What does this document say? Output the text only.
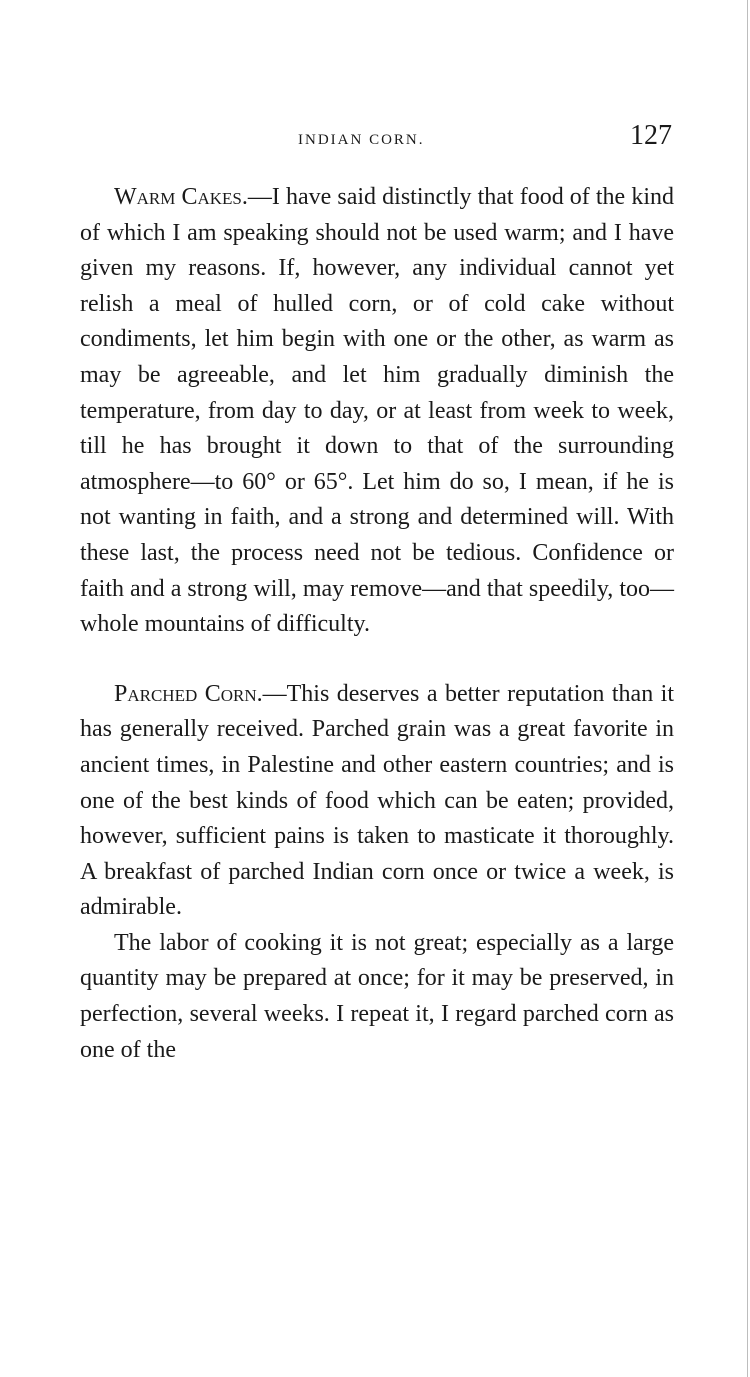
INDIAN CORN.	127

Warm Cakes.—I have said distinctly that food of the kind of which I am speaking should not be used warm; and I have given my reasons. If, however, any individual cannot yet relish a meal of hulled corn, or of cold cake without condiments, let him begin with one or the other, as warm as may be agreeable, and let him gradually diminish the temperature, from day to day, or at least from week to week, till he has brought it down to that of the surrounding atmosphere—to 60° or 65°. Let him do so, I mean, if he is not wanting in faith, and a strong and determined will. With these last, the process need not be tedious. Confidence or faith and a strong will, may remove—and that speedily, too—whole mountains of difficulty.

Parched Corn.—This deserves a better reputation than it has generally received. Parched grain was a great favorite in ancient times, in Palestine and other eastern countries; and is one of the best kinds of food which can be eaten; provided, however, sufficient pains is taken to masticate it thoroughly. A breakfast of parched Indian corn once or twice a week, is admirable.

The labor of cooking it is not great; especially as a large quantity may be prepared at once; for it may be preserved, in perfection, several weeks. I repeat it, I regard parched corn as one of the
